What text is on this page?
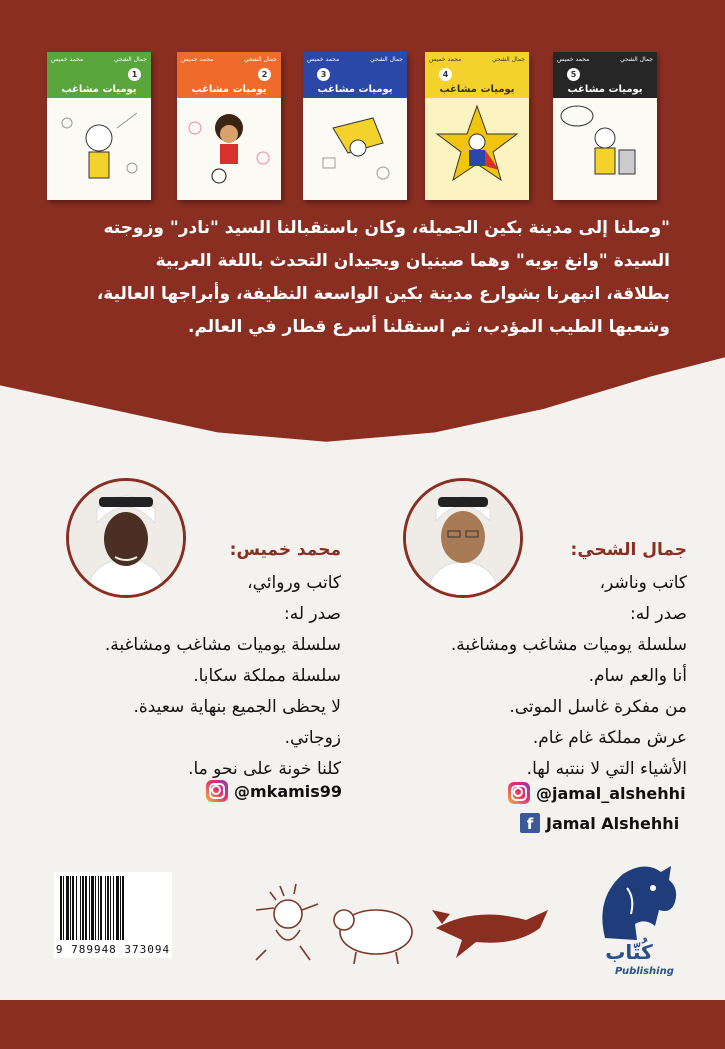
جمال الشحي
محمد خميس
1
يوميات مشاغب
جمال الشحي
محمد خميس
2
يوميات مشاغب
جمال الشحي
محمد خميس
3
يوميات مشاغب
جمال الشحي
محمد خميس
4
يوميات مشاغب
جمال الشحي
محمد خميس
5
يوميات مشاغب
"وصلنا إلى مدينة بكين الجميلة، وكان باستقبالنا السيد "نادر" وزوجته
السيدة "وانغ يويه" وهما صينيان ويجيدان التحدث باللغة العربية
بطلاقة، انبهرنا بشوارع مدينة بكين الواسعة النظيفة، وأبراجها العالية،
وشعبها الطيب المؤدب، ثم استقلنا أسرع قطار في العالم.
جمال الشحي:
كاتب وناشر،
صدر له:
سلسلة يوميات مشاغب ومشاغبة.
أنا والعم سام.
من مفكرة غاسل الموتى.
عرش مملكة غام غام.
الأشياء التي لا ننتبه لها.
@jamal_alshehhi
f Jamal Alshehhi
محمد خميس:
كاتب وروائي،
صدر له:
سلسلة يوميات مشاغب ومشاغبة.
سلسلة مملكة سكابا.
لا يحظى الجميع بنهاية سعيدة.
زوجاتي.
كلنا خونة على نحو ما.
@mkamis99
9 789948 373094	كُتّاب
Publishing
